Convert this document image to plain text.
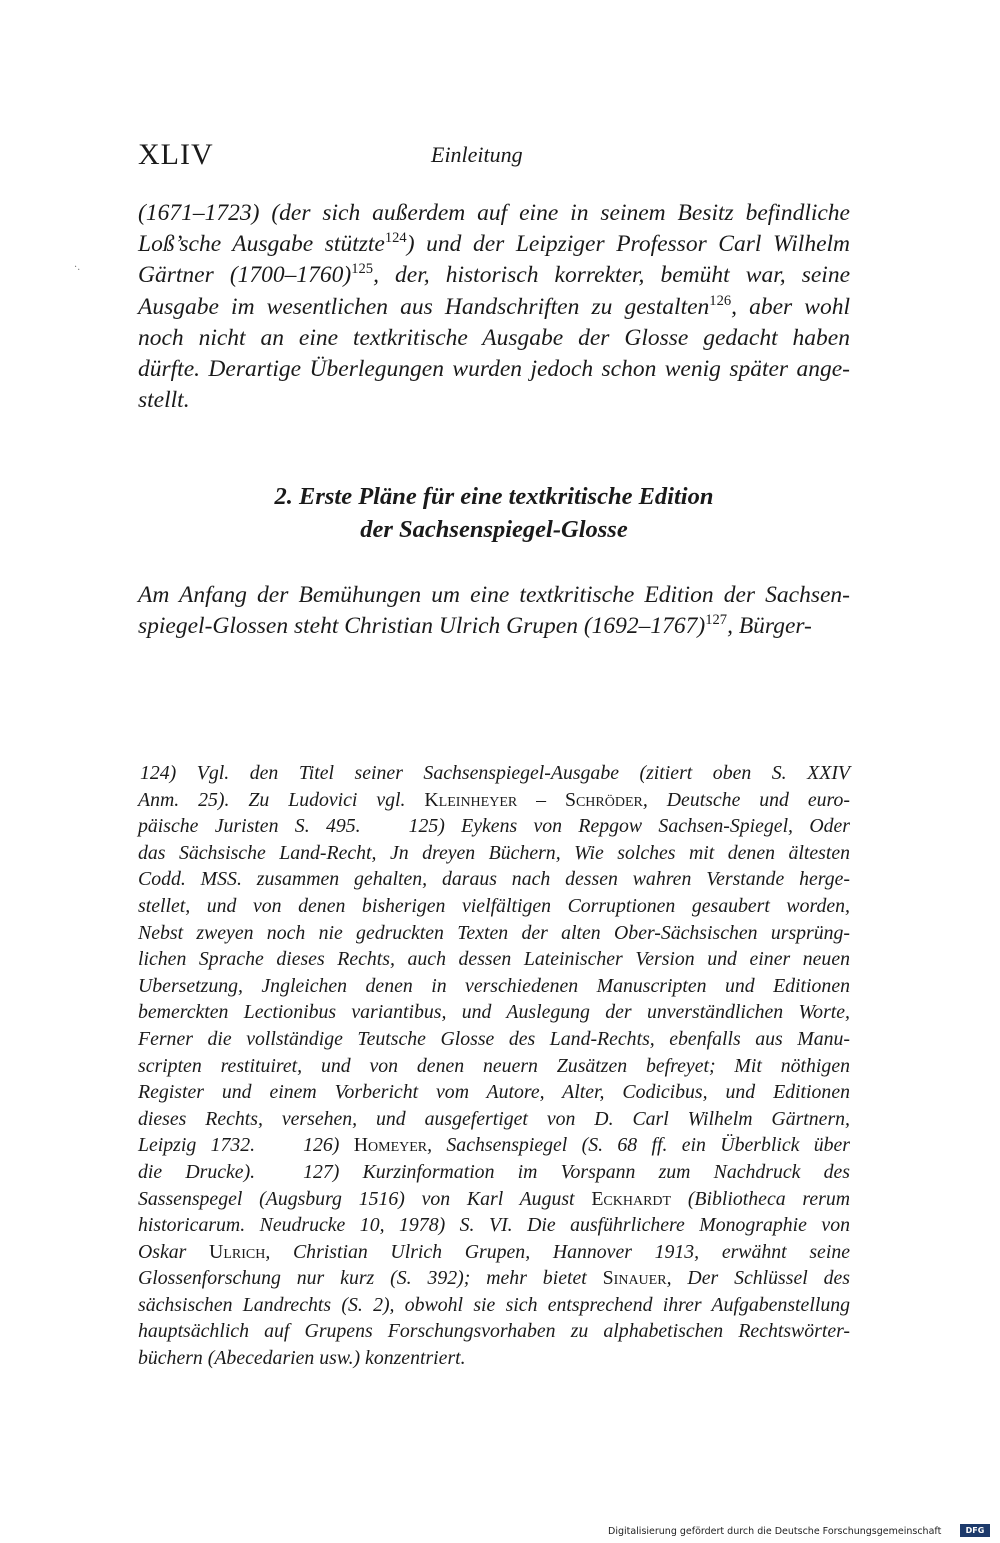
XLIV	Einleitung
·.
(1671–1723) (der sich außerdem auf eine in seinem Besitz befindliche
Loß’sche Ausgabe stützte$^{124}$) und der Leipziger Professor Carl Wilhelm
Gärtner (1700–1760)$^{125}$, der, historisch korrekter, bemüht war, seine
Ausgabe im wesentlichen aus Handschriften zu gestalten$^{126}$, aber wohl
noch nicht an eine textkritische Ausgabe der Glosse gedacht haben
dürfte. Derartige Überlegungen wurden jedoch schon wenig später ange-
stellt.
2. Erste Pläne für eine textkritische Edition
der Sachsenspiegel-Glosse
Am Anfang der Bemühungen um eine textkritische Edition der Sachsen-
spiegel-Glossen steht Christian Ulrich Grupen (1692–1767)$^{127}$, Bürger-
124) Vgl. den Titel seiner Sachsenspiegel-Ausgabe (zitiert oben S. XXIV
Anm. 25). Zu Ludovici vgl. Kleinheyer – Schröder, Deutsche und euro-
päische Juristen S. 495. 125) Eykens von Repgow Sachsen-Spiegel, Oder
das Sächsische Land-Recht, Jn dreyen Büchern, Wie solches mit denen ältesten
Codd. MSS. zusammen gehalten, daraus nach dessen wahren Verstande herge-
stellet, und von denen bisherigen vielfältigen Corruptionen gesaubert worden,
Nebst zweyen noch nie gedruckten Texten der alten Ober-Sächsischen ursprüng-
lichen Sprache dieses Rechts, auch dessen Lateinischer Version und einer neuen
Ubersetzung, Jngleichen denen in verschiedenen Manuscripten und Editionen
bemerckten Lectionibus variantibus, und Auslegung der unverständlichen Worte,
Ferner die vollständige Teutsche Glosse des Land-Rechts, ebenfalls aus Manu-
scripten restituiret, und von denen neuern Zusätzen befreyet; Mit nöthigen
Register und einem Vorbericht vom Autore, Alter, Codicibus, und Editionen
dieses Rechts, versehen, und ausgefertiget von D. Carl Wilhelm Gärtnern,
Leipzig 1732. 126) Homeyer, Sachsenspiegel (S. 68 ff. ein Überblick über
die Drucke). 127) Kurzinformation im Vorspann zum Nachdruck des
Sassenspegel (Augsburg 1516) von Karl August Eckhardt (Bibliotheca rerum
historicarum. Neudrucke 10, 1978) S. VI. Die ausführlichere Monographie von
Oskar Ulrich, Christian Ulrich Grupen, Hannover 1913, erwähnt seine
Glossenforschung nur kurz (S. 392); mehr bietet Sinauer, Der Schlüssel des
sächsischen Landrechts (S. 2), obwohl sie sich entsprechend ihrer Aufgabenstellung
hauptsächlich auf Grupens Forschungsvorhaben zu alphabetischen Rechtswörter-
büchern (Abecedarien usw.) konzentriert.
Digitalisierung gefördert durch die Deutsche Forschungsgemeinschaft	DFG
